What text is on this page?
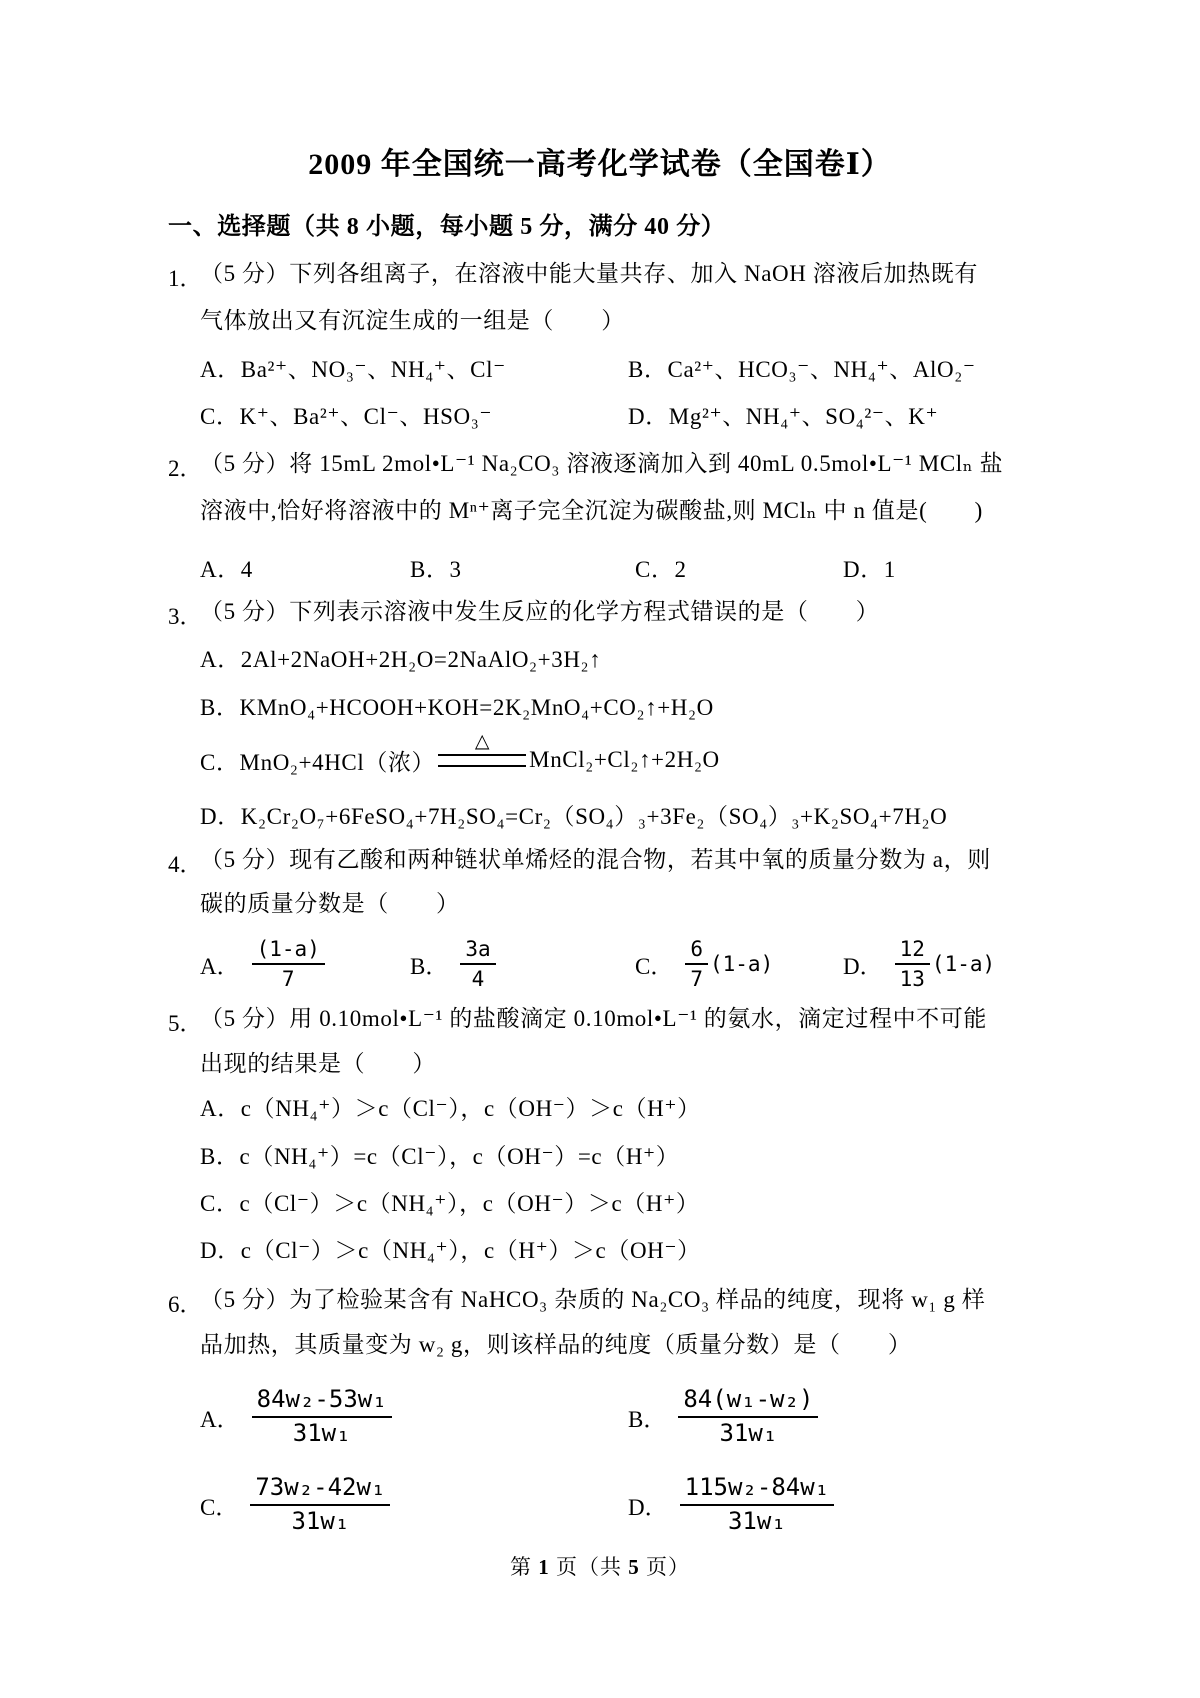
2009 年全国统一高考化学试卷（全国卷Ⅰ）
一、选择题（共 8 小题，每小题 5 分，满分 40 分）
1．
（5 分）下列各组离子，在溶液中能大量共存、加入 NaOH 溶液后加热既有
气体放出又有沉淀生成的一组是（　　）
A．Ba²⁺、NO₃⁻、NH₄⁺、Cl⁻	B．Ca²⁺、HCO₃⁻、NH₄⁺、AlO₂⁻
C．K⁺、Ba²⁺、Cl⁻、HSO₃⁻	D．Mg²⁺、NH₄⁺、SO₄²⁻、K⁺
2．
（5 分）将 15mL 2mol•L⁻¹ Na₂CO₃ 溶液逐滴加入到 40mL 0.5mol•L⁻¹ MClₙ 盐
溶液中,恰好将溶液中的 Mⁿ⁺离子完全沉淀为碳酸盐,则 MClₙ 中 n 值是(　　)
A．4	B．3	C．2	D．1
3．
（5 分）下列表示溶液中发生反应的化学方程式错误的是（　　）
A．2Al+2NaOH+2H₂O=2NaAlO₂+3H₂↑
B．KMnO₄+HCOOH+KOH=2K₂MnO₄+CO₂↑+H₂O
C． MnO₂+4HCl（浓）
△
MnCl₂+Cl₂↑+2H₂O
D．K₂Cr₂O₇+6FeSO₄+7H₂SO₄=Cr₂（SO₄）₃+3Fe₂（SO₄）₃+K₂SO₄+7H₂O
4．
（5 分）现有乙酸和两种链状单烯烃的混合物，若其中氧的质量分数为 a，则
碳的质量分数是（　　）
A． $\frac{(1-a)}{7}$	B． $\frac{3a}{4}$	C． $\frac{6}{7} (1-a)$	D． $\frac{12}{13} (1-a)$
5．
（5 分）用 0.10mol•L⁻¹ 的盐酸滴定 0.10mol•L⁻¹ 的氨水，滴定过程中不可能
出现的结果是（　　）
A．c（NH₄⁺）＞c（Cl⁻），c（OH⁻）＞c（H⁺）
B．c（NH₄⁺）=c（Cl⁻），c（OH⁻）=c（H⁺）
C．c（Cl⁻）＞c（NH₄⁺），c（OH⁻）＞c（H⁺）
D．c（Cl⁻）＞c（NH₄⁺），c（H⁺）＞c（OH⁻）
6．
（5 分）为了检验某含有 NaHCO₃ 杂质的 Na₂CO₃ 样品的纯度，现将 w₁ g 样
品加热，其质量变为 w₂ g，则该样品的纯度（质量分数）是（　　）
A． $\frac{\text{84w₂-53w₁}}{\text{31w₁}}$	B． $\frac{\text{84(w₁-w₂)}}{\text{31w₁}}$
C． $\frac{\text{73w₂-42w₁}}{\text{31w₁}}$	D． $\frac{\text{115w₂-84w₁}}{\text{31w₁}}$
第 1 页（共 5 页）
